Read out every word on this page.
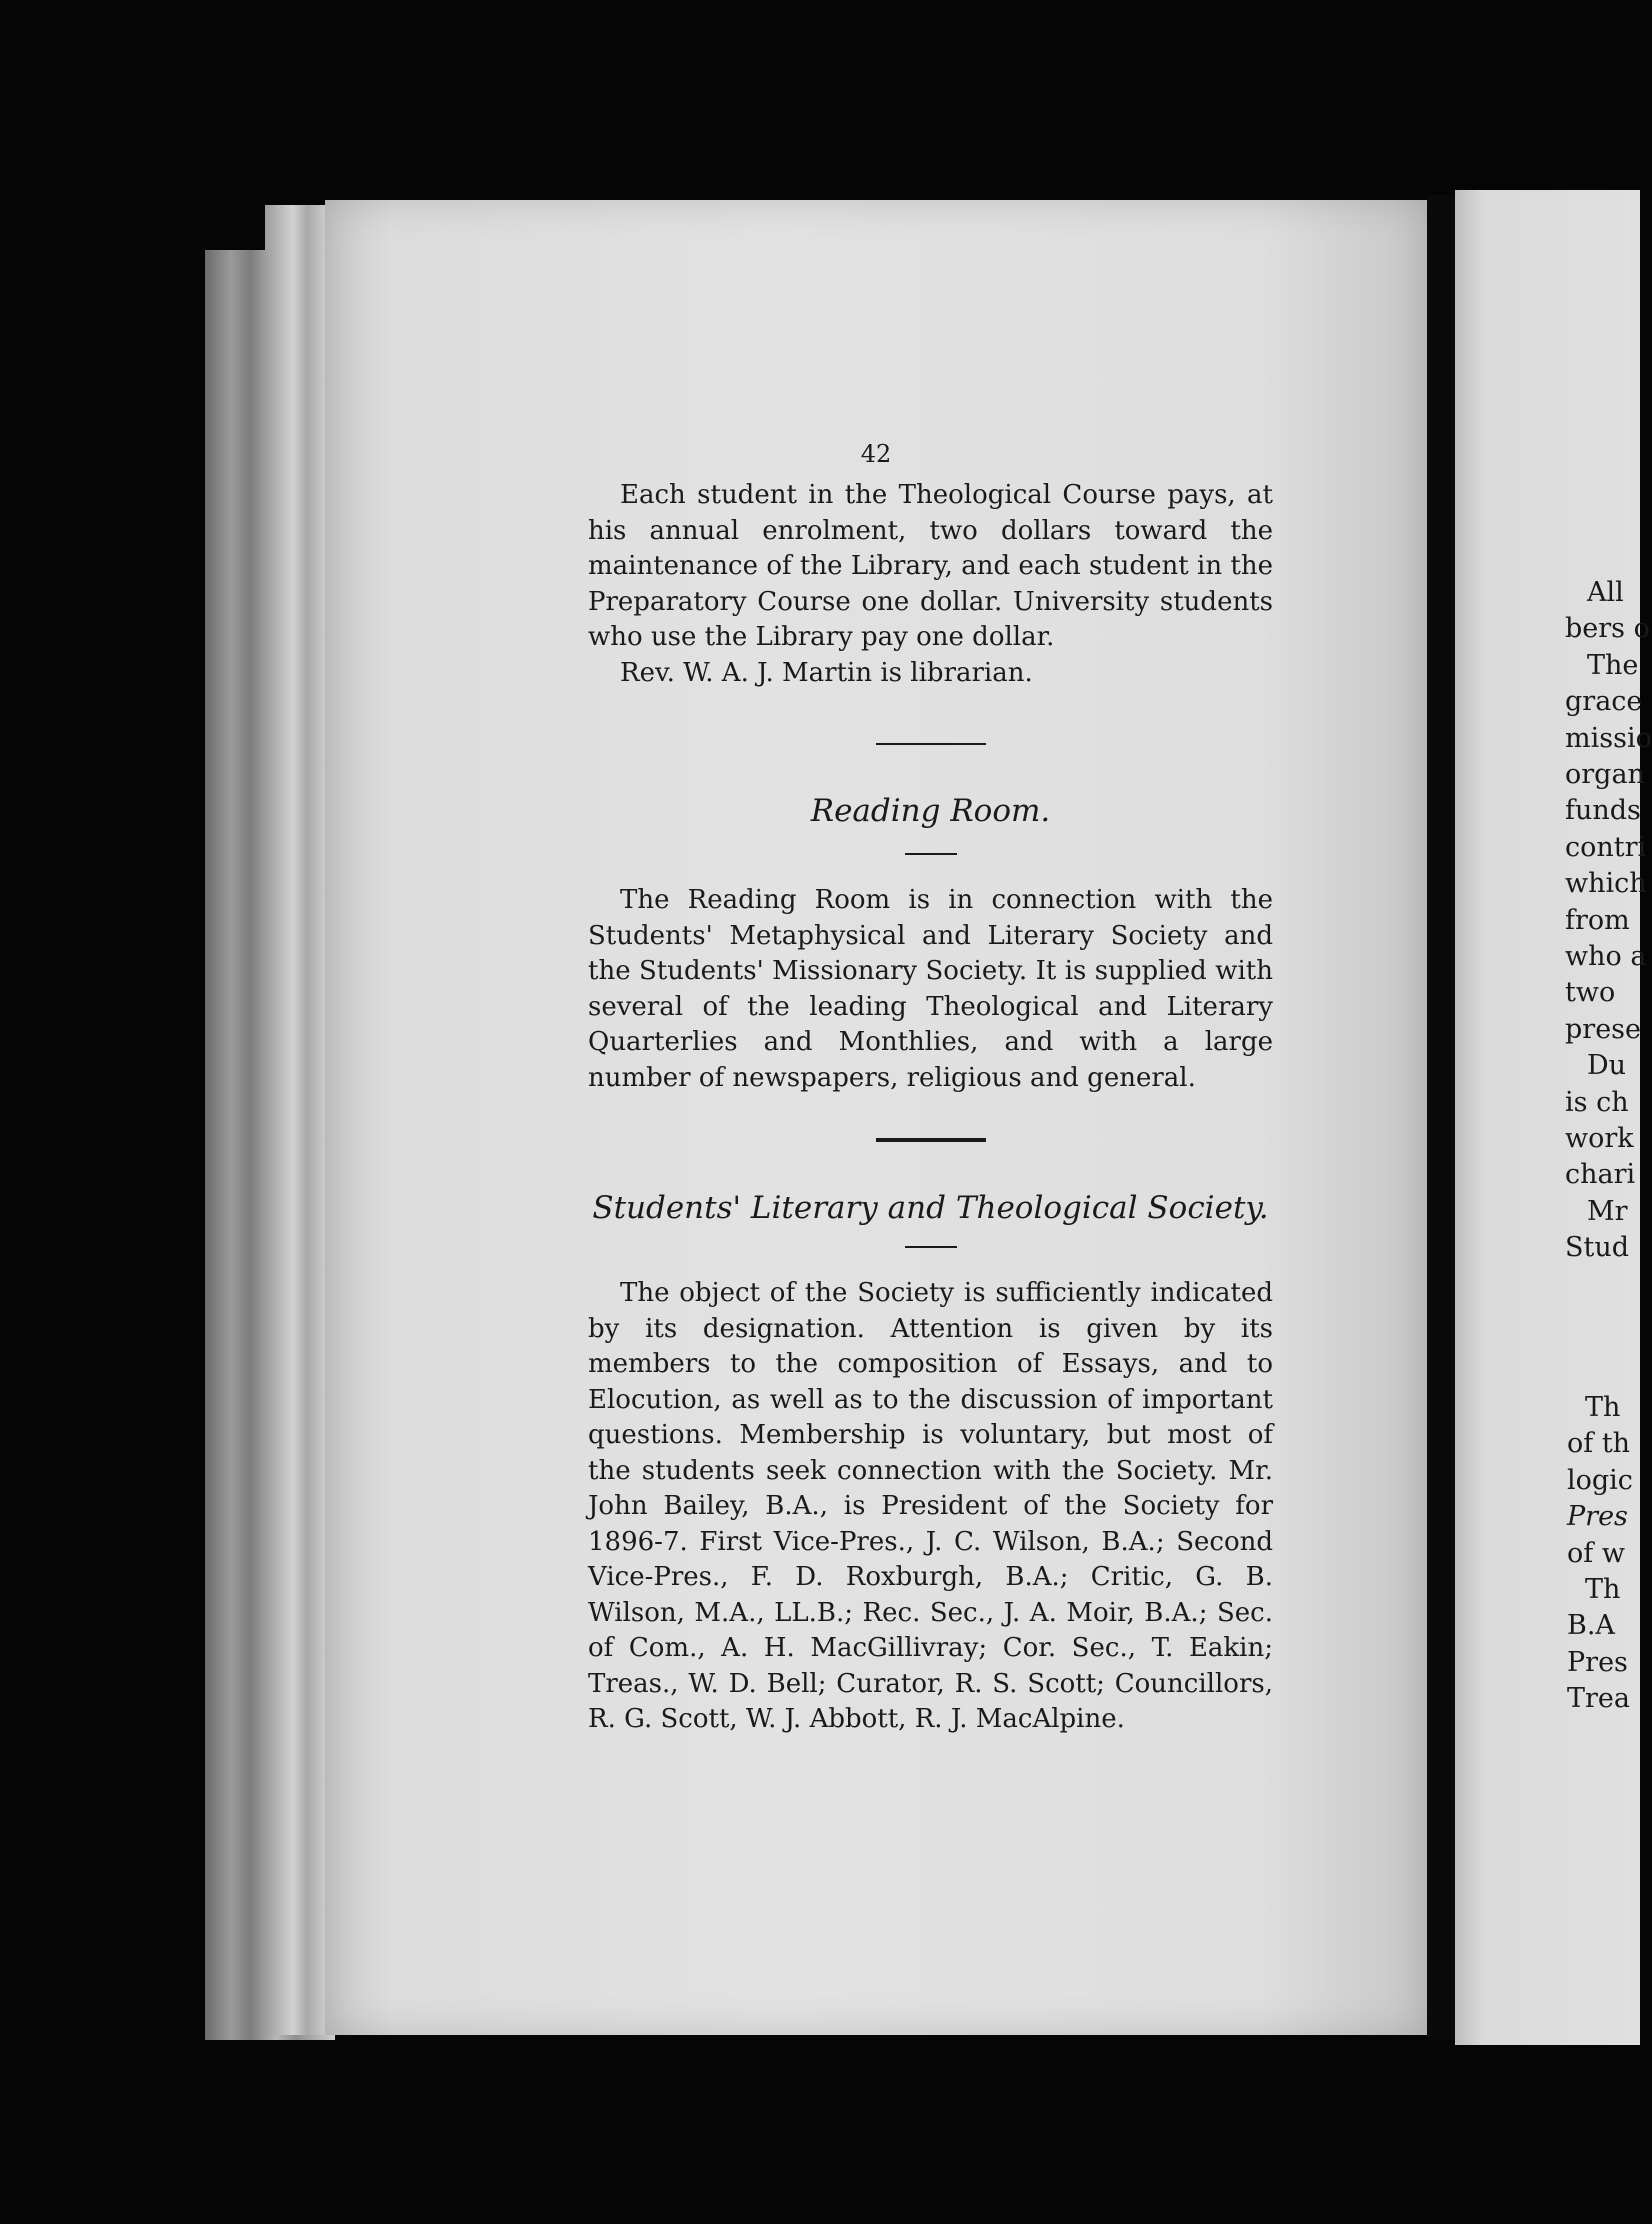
42

Each student in the Theological Course pays, at his annual enrolment, two dollars toward the maintenance of the Library, and each student in the Preparatory Course one dollar. University students who use the Library pay one dollar.

Rev. W. A. J. Martin is librarian.

Reading Room.

The Reading Room is in connection with the Students' Metaphysical and Literary Society and the Students' Missionary Society. It is supplied with several of the leading Theological and Literary Quarterlies and Monthlies, and with a large number of newspapers, religious and general.

Students' Literary and Theological Society.

The object of the Society is sufficiently indicated by its designation. Attention is given by its members to the composition of Essays, and to Elocution, as well as to the discussion of important questions. Membership is voluntary, but most of the students seek connection with the Society. Mr. John Bailey, B.A., is President of the Society for 1896-7. First Vice-Pres., J. C. Wilson, B.A.; Second Vice-Pres., F. D. Roxburgh, B.A.; Critic, G. B. Wilson, M.A., LL.B.; Rec. Sec., J. A. Moir, B.A.; Sec. of Com., A. H. MacGillivray; Cor. Sec., T. Eakin; Treas., W. D. Bell; Curator, R. S. Scott; Councillors, R. G. Scott, W. J. Abbott, R. J. MacAlpine.

All

bers o

The

grace

missio

organ

funds

contri

which

from

who a

two

prese

Du

is ch

work

chari

Mr

Stud

Th

of th

logic

Pres

of w

Th

B.A

Pres

Trea
